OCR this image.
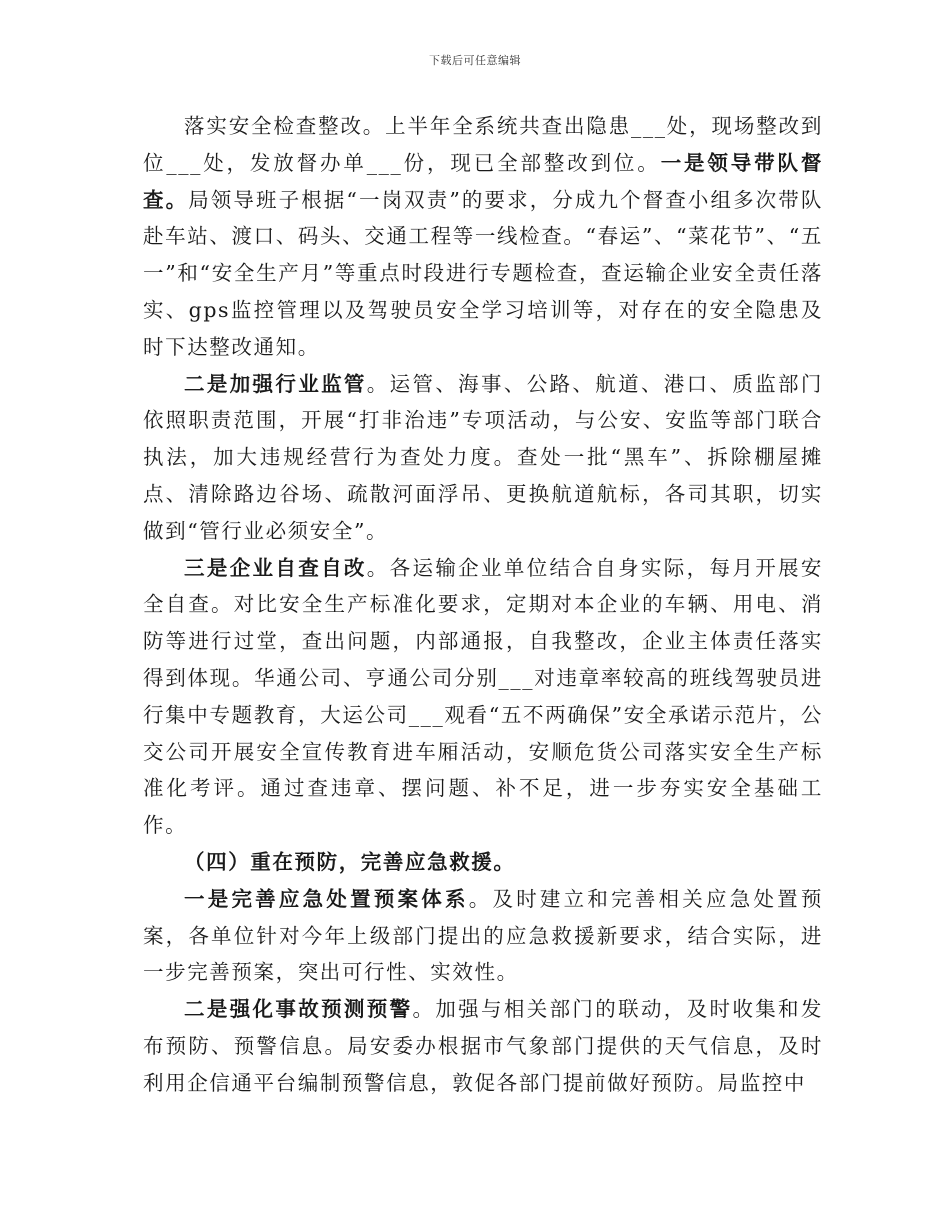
下载后可任意编辑

落实安全检查整改。上半年全系统共查出隐患___处，现场整改到位___处，发放督办单___份，现已全部整改到位。一是领导带队督查。局领导班子根据“一岗双责”的要求，分成九个督查小组多次带队赴车站、渡口、码头、交通工程等一线检查。“春运”、“菜花节”、“五一”和“安全生产月”等重点时段进行专题检查，查运输企业安全责任落实、gps监控管理以及驾驶员安全学习培训等，对存在的安全隐患及时下达整改通知。

二是加强行业监管。运管、海事、公路、航道、港口、质监部门依照职责范围，开展“打非治违”专项活动，与公安、安监等部门联合执法，加大违规经营行为查处力度。查处一批“黑车”、拆除棚屋摊点、清除路边谷场、疏散河面浮吊、更换航道航标，各司其职，切实做到“管行业必须安全”。

三是企业自查自改。各运输企业单位结合自身实际，每月开展安全自查。对比安全生产标准化要求，定期对本企业的车辆、用电、消防等进行过堂，查出问题，内部通报，自我整改，企业主体责任落实得到体现。华通公司、亨通公司分别___对违章率较高的班线驾驶员进行集中专题教育，大运公司___观看“五不两确保”安全承诺示范片，公交公司开展安全宣传教育进车厢活动，安顺危货公司落实安全生产标准化考评。通过查违章、摆问题、补不足，进一步夯实安全基础工作。

（四）重在预防，完善应急救援。

一是完善应急处置预案体系。及时建立和完善相关应急处置预案，各单位针对今年上级部门提出的应急救援新要求，结合实际，进一步完善预案，突出可行性、实效性。

二是强化事故预测预警。加强与相关部门的联动，及时收集和发布预防、预警信息。局安委办根据市气象部门提供的天气信息，及时利用企信通平台编制预警信息，敦促各部门提前做好预防。局监控中
